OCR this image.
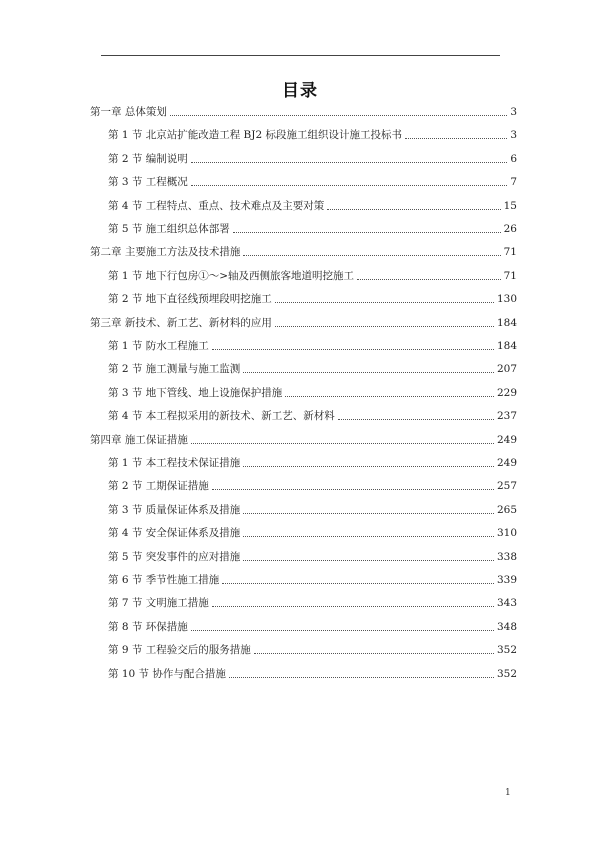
目录
第一章 总体策划	3
第 1 节 北京站扩能改造工程 BJ2 标段施工组织设计施工投标书	3
第 2 节 编制说明	6
第 3 节 工程概况	7
第 4 节 工程特点、重点、技术难点及主要对策	15
第 5 节 施工组织总体部署	26
第二章 主要施工方法及技术措施	71
第 1 节 地下行包房①～>轴及西侧旅客地道明挖施工	71
第 2 节 地下直径线预埋段明挖施工	130
第三章 新技术、新工艺、新材料的应用	184
第 1 节 防水工程施工	184
第 2 节 施工测量与施工监测	207
第 3 节 地下管线、地上设施保护措施	229
第 4 节 本工程拟采用的新技术、新工艺、新材料	237
第四章 施工保证措施	249
第 1 节 本工程技术保证措施	249
第 2 节 工期保证措施	257
第 3 节 质量保证体系及措施	265
第 4 节 安全保证体系及措施	310
第 5 节 突发事件的应对措施	338
第 6 节 季节性施工措施	339
第 7 节 文明施工措施	343
第 8 节 环保措施	348
第 9 节 工程验交后的服务措施	352
第 10 节 协作与配合措施	352
1
